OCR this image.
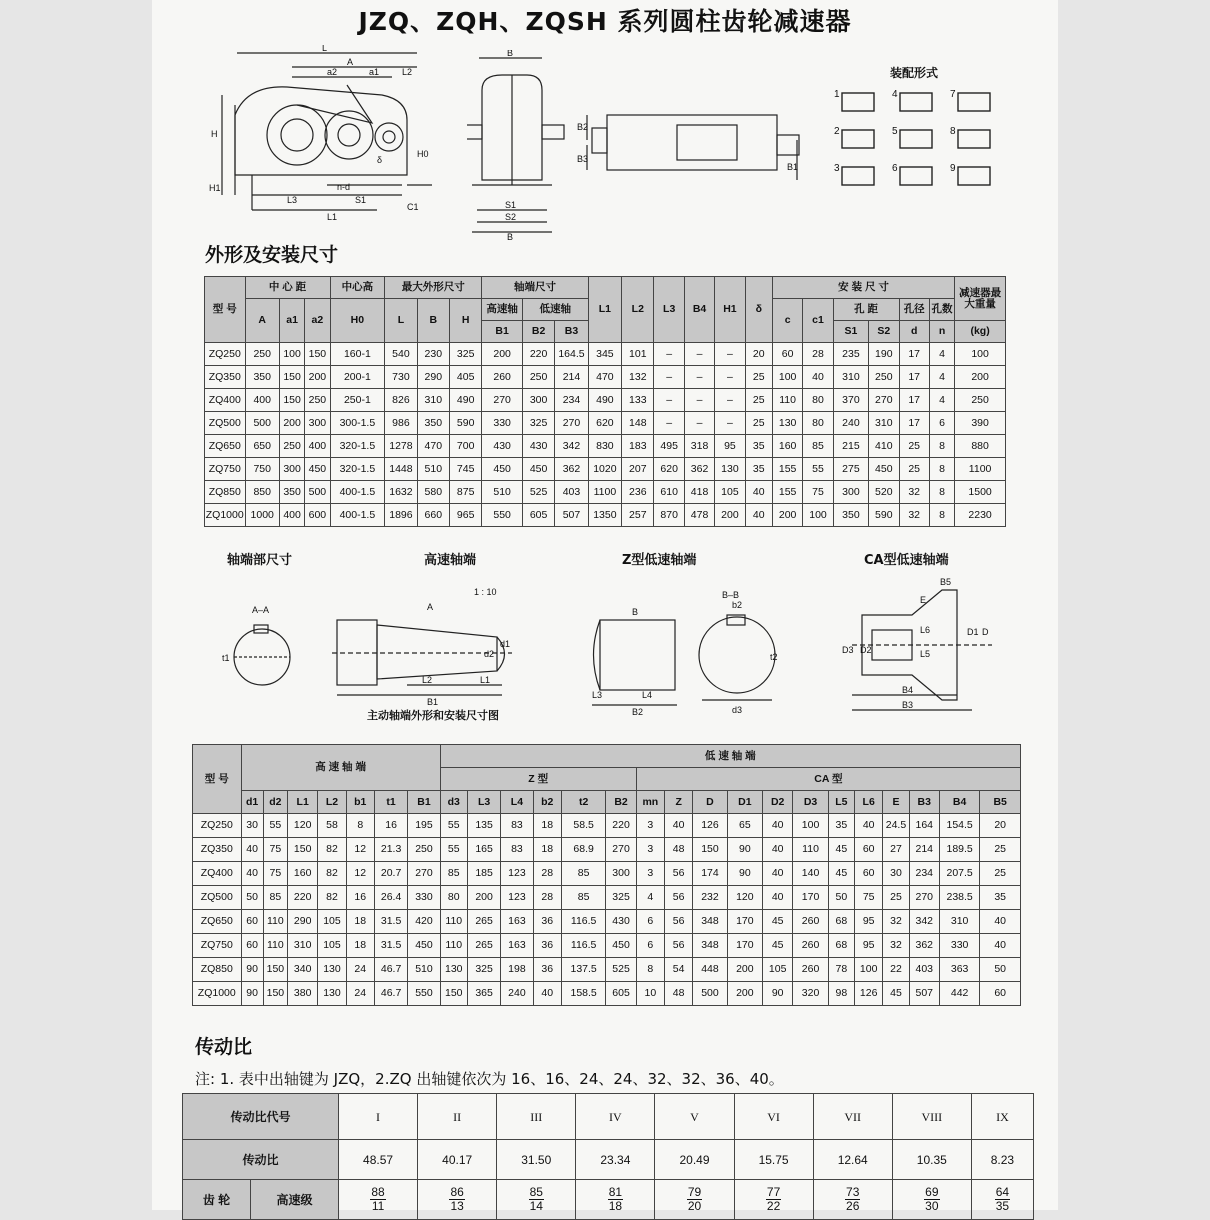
JZQ、ZQH、ZQSH 系列圆柱齿轮减速器
L
A
a2	a1	L2
H
H1
H0
δ
n-d
S1
L3
L1
C1
B
S1
S2
B
B2
B3
B1
装配形式
1	4	7
2	5	8
3	6	9
外形及安装尺寸
型 号	中 心 距			中心高	最大外形尺寸			轴端尺寸			L1	L2	L3	B4	H1	δ	安 装 尺 寸						减速器最大重量
	A	a1	a2	H0	L	B	H	高速轴	低速轴								c	c1	孔 距		孔径	孔数	
								B1	B2	B3									S1	S2	d	n	(kg)
ZQ250	250	100	150	160-1	540	230	325	200	220	164.5	345	101	–	–	–	20	60	28	235	190	17	4	100
ZQ350	350	150	200	200-1	730	290	405	260	250	214	470	132	–	–	–	25	100	40	310	250	17	4	200
ZQ400	400	150	250	250-1	826	310	490	270	300	234	490	133	–	–	–	25	110	80	370	270	17	4	250
ZQ500	500	200	300	300-1.5	986	350	590	330	325	270	620	148	–	–	–	25	130	80	240	310	17	6	390
ZQ650	650	250	400	320-1.5	1278	470	700	430	430	342	830	183	495	318	95	35	160	85	215	410	25	8	880
ZQ750	750	300	450	320-1.5	1448	510	745	450	450	362	1020	207	620	362	130	35	155	55	275	450	25	8	1100
ZQ850	850	350	500	400-1.5	1632	580	875	510	525	403	1100	236	610	418	105	40	155	75	300	520	32	8	1500
ZQ1000	1000	400	600	400-1.5	1896	660	965	550	605	507	1350	257	870	478	200	40	200	100	350	590	32	8	2230
轴端部尺寸	高速轴端	Z型低速轴端	CA型低速轴端
A–A
t1
1 : 10
A
d2
d1
L2	L1
B1
主动轴端外形和安装尺寸图
B
B–B
b2
t2
L3	L4
B2	d3
B5
E
L6
L5
D
D1
D2
D3
B4
B3
型 号	高 速 轴 端							低 速 轴 端																	
								Z 型						CA 型											
	d1	d2	L1	L2	b1	t1	B1	d3	L3	L4	b2	t2	B2	mn	Z	D	D1	D2	D3	L5	L6	E	B3	B4	B5
ZQ250	30	55	120	58	8	16	195	55	135	83	18	58.5	220	3	40	126	65	40	100	35	40	24.5	164	154.5	20
ZQ350	40	75	150	82	12	21.3	250	55	165	83	18	68.9	270	3	48	150	90	40	110	45	60	27	214	189.5	25
ZQ400	40	75	160	82	12	20.7	270	85	185	123	28	85	300	3	56	174	90	40	140	45	60	30	234	207.5	25
ZQ500	50	85	220	82	16	26.4	330	80	200	123	28	85	325	4	56	232	120	40	170	50	75	25	270	238.5	35
ZQ650	60	110	290	105	18	31.5	420	110	265	163	36	116.5	430	6	56	348	170	45	260	68	95	32	342	310	40
ZQ750	60	110	310	105	18	31.5	450	110	265	163	36	116.5	450	6	56	348	170	45	260	68	95	32	362	330	40
ZQ850	90	150	340	130	24	46.7	510	130	325	198	36	137.5	525	8	54	448	200	105	260	78	100	22	403	363	50
ZQ1000	90	150	380	130	24	46.7	550	150	365	240	40	158.5	605	10	48	500	200	90	320	98	126	45	507	442	60
传动比
注: 1. 表中出轴键为 JZQ，2.ZQ 出轴键依次为 16、16、24、24、32、32、36、40。
传动比代号		I	II	III	IV	V	VI	VII	VIII	IX
传动比		48.57	40.17	31.50	23.34	20.49	15.75	12.64	10.35	8.23
齿 轮	高速级	$\frac{88}{11}$	$\frac{86}{13}$	$\frac{85}{14}$	$\frac{81}{18}$	$\frac{79}{20}$	$\frac{77}{22}$	$\frac{73}{26}$	$\frac{69}{30}$	$\frac{64}{35}$
